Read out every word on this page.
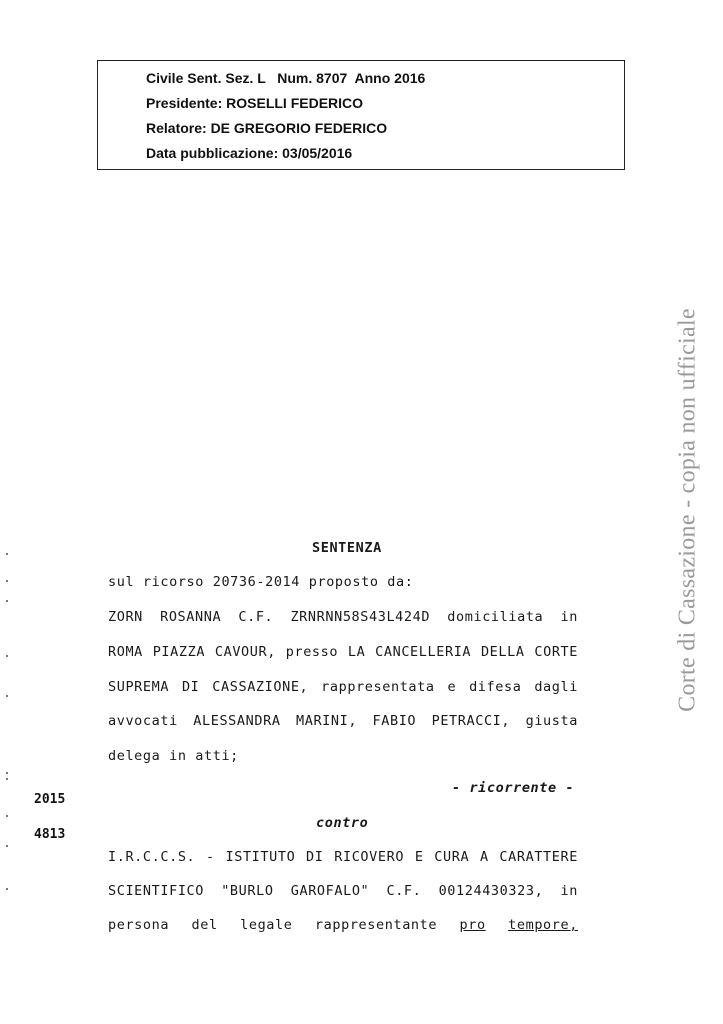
Civile Sent. Sez. L   Num. 8707  Anno 2016
Presidente: ROSELLI FEDERICO
Relatore: DE GREGORIO FEDERICO
Data pubblicazione: 03/05/2016
Corte di Cassazione - copia non ufficiale
SENTENZA
sul ricorso 20736-2014 proposto da:
ZORN ROSANNA C.F. ZRNRNN58S43L424D domiciliata in
ROMA PIAZZA CAVOUR, presso LA CANCELLERIA DELLA CORTE
SUPREMA DI CASSAZIONE, rappresentata e difesa dagli
avvocati ALESSANDRA MARINI, FABIO PETRACCI, giusta
delega in atti;
- ricorrente -
2015
contro
4813
I.R.C.C.S. - ISTITUTO DI RICOVERO E CURA A CARATTERE
SCIENTIFICO "BURLO GAROFALO" C.F. 00124430323, in
persona del legale rappresentante pro tempore,
